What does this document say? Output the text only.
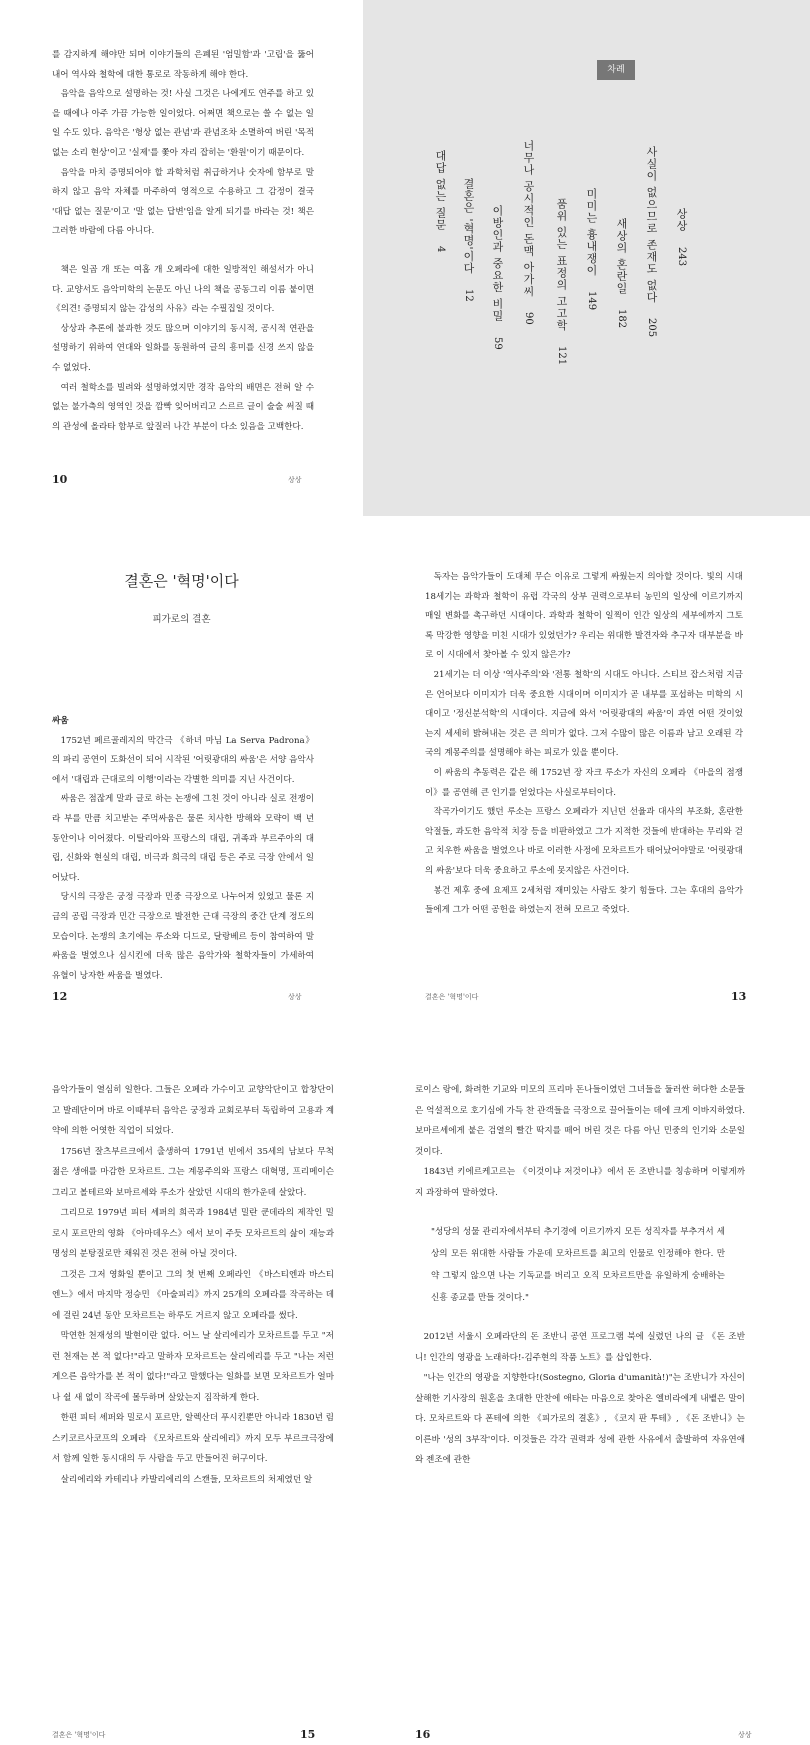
를 감지하게 해야만 되며 이야기들의 은폐된 '엄밀함'과 '고립'을 뚫어내어 역사와 철학에 대한 통로로 작동하게 해야 한다.
음악을 음악으로 설명하는 것! 사실 그것은 나에게도 연주를 하고 있을 때에나 아주 가끔 가능한 일이었다. 어쩌면 책으로는 쓸 수 없는 일일 수도 있다. 음악은 '형상 없는 관념'과 관념조차 소멸하여 버린 '목적 없는 소리 현상'이고 '실제'를 쫓아 자리 잡히는 '환원'이기 때문이다.
음악을 마치 증명되어야 할 과학처럼 취급하거나 숫자에 함부로 말하지 않고 음악 자체를 마주하여 영적으로 수용하고 그 감정이 결국 '대답 없는 질문'이고 '말 없는 답변'임을 알게 되기를 바라는 것! 책은 그러한 바람에 다름 아니다.
책은 일곱 개 또는 여홉 개 오페라에 대한 일방적인 해설서가 아니다. 교양서도 음악미학의 논문도 아닌 나의 책을 공동그리 이름 붙이면 《의견! 증명되지 않는 감성의 사유》라는 수필집일 것이다.
상상과 추론에 불과한 것도 많으며 이야기의 동시적, 공시적 연관을 설명하기 위하여 연대와 일화를 동원하여 글의 흥미를 신경 쓰지 않을 수 없었다.
여러 철학소를 빌려와 설명하였지만 경작 음악의 배면은 전혀 알 수 없는 불가측의 영역인 것을 깜빡 잊어버리고 스르르 글이 술술 써질 때의 관성에 올라타 함부로 앞질러 나간 부분이 다소 있음을 고백한다.
10	상상
차례
대답 없는 질문 4 결혼은 '혁명'이다 12 이방인과 중요한 비밀 59
너무나 공시적인 돈맥 아가씨 90 품위 있는 표정의 고고학 121
미미는 흉내쟁이 149
새상의 혼란일 182
사실이 없으므로 존재도 없다 205
상상 243
결혼은 '혁명'이다
피가로의 결혼
싸움
1752년 페르골레지의 막간극 《하녀 마님 La Serva Padrona》의 파리 공연이 도화선이 되어 시작된 '어릿광대의 싸움'은 서양 음악사에서 '대립과 근대로의 이행'이라는 각별한 의미를 지닌 사건이다.
싸움은 점잖게 말과 글로 하는 논쟁에 그친 것이 아니라 실로 전쟁이라 부를 만큼 치고받는 주먹싸움은 물론 치사한 방해와 모략이 백 년 동안이나 이어졌다. 이탈리아와 프랑스의 대립, 귀족과 부르주아의 대립, 신화와 현실의 대립, 비극과 희극의 대립 등은 주로 극장 안에서 일어났다.
당시의 극장은 궁정 극장과 민중 극장으로 나누어져 있었고 물론 지금의 공립 극장과 민간 극장으로 발전한 근대 극장의 중간 단계 정도의 모습이다. 논쟁의 초기에는 루소와 디드로, 달랑베르 등이 참여하여 말싸움을 벌였으나 심시킨에 더욱 많은 음악가와 철학자들이 가세하여 유혈이 낭자한 싸움을 벌였다.
12	상상
독자는 음악가들이 도대체 무슨 이유로 그렇게 싸웠는지 의아할 것이다. 빛의 시대 18세기는 과학과 철학이 유럽 각국의 상부 권력으로부터 농민의 일상에 이르기까지 매일 변화를 촉구하던 시대이다. 과학과 철학이 일찍이 인간 일상의 세부에까지 그토록 막강한 영향을 미친 시대가 있었던가? 우리는 위대한 발견자와 추구자 대부분을 바로 이 시대에서 찾아볼 수 있지 않은가?
21세기는 더 이상 '역사주의'와 '전통 철학'의 시대도 아니다. 스티브 잡스처럼 지금은 언어보다 이미지가 더욱 중요한 시대이며 이미지가 곧 내부를 포섭하는 미학의 시대이고 '정신분석학'의 시대이다. 지금에 와서 '어릿광대의 싸움'이 과연 어떤 것이었는지 세세히 밝혀내는 것은 큰 의미가 없다. 그저 수많이 많은 이름과 남고 오래된 각국의 계몽주의를 설명해야 하는 피로가 있을 뿐이다.
이 싸움의 추동력은 같은 해 1752년 장 자크 루소가 자신의 오페라 《마을의 점쟁이》를 공연해 큰 인기를 얻었다는 사실로부터이다.
작곡가이기도 했던 루소는 프랑스 오페라가 지닌던 선율과 대사의 부조화, 혼란한 악절들, 과도한 음악적 치장 등을 비판하였고 그가 지적한 것들에 반대하는 무리와 걷고 치우한 싸움을 벌였으나 바로 이러한 사정에 모차르트가 태어났어야말로 '어릿광대의 싸움'보다 더욱 중요하고 루소에 못지않은 사건이다.
봉건 제후 중에 요제프 2세처럼 재미있는 사람도 찾기 힘들다. 그는 후대의 음악가들에게 그가 어떤 공헌을 하였는지 전혀 모르고 죽었다.
결혼은 '혁명'이다	13
음악가들이 열심히 일한다. 그들은 오페라 가수이고 교향악단이고 합창단이고 발레단이며 바로 이때부터 음악은 궁정과 교회로부터 독립하여 고용과 계약에 의한 어엿한 직업이 되었다.
1756년 잘츠부르크에서 출생하여 1791년 빈에서 35세의 남보다 무척 젊은 생애를 마감한 모차르트. 그는 계몽주의와 프랑스 대혁명, 프리메이슨 그리고 볼테르와 보마르셰와 루소가 살았던 시대의 한가운데 살았다.
그리므로 1979년 피터 셰퍼의 희곡과 1984년 밀란 쿤데라의 제작인 밀로시 포르만의 영화 《아마데우스》에서 보이 주듯 모차르트의 삶이 재능과 명성의 분탕질로만 채워진 것은 전혀 아닐 것이다.
그것은 그저 영화일 뿐이고 그의 첫 번째 오페라인 《바스티엔과 바스티엔느》에서 마지막 정승민 《마술피리》까지 25개의 오페라를 작곡하는 데에 걸린 24년 동안 모차르트는 하루도 거르지 않고 오페라를 썼다.
막연한 천재성의 발현이란 없다. 어느 날 살리에리가 모차르트를 두고 "저런 천재는 본 적 없다!"라고 말하자 모차르트는 살리에리를 두고 "나는 저런 게으른 음악가를 본 적이 없다!"라고 말했다는 일화를 보면 모차르트가 얼마나 쉴 새 없이 작곡에 몰두하며 살았는지 짐작하게 한다.
한편 피터 셰퍼와 밀로시 포르만, 알렉산더 푸시킨뿐만 아니라 1830년 림스키코르사코프의 오페라 《모차르트와 살리에리》까지 모두 부르크극장에서 함께 일한 동시대의 두 사람을 두고 만들어진 허구이다.
살리에리와 카테리나 카발리에리의 스캔들, 모차르트의 처제였던 알
결혼은 '혁명'이다	15
로이스 랑에, 화려한 기교와 미모의 프리마 돈나들이였던 그녀들을 둘러싼 허다한 소문들은 억설적으로 호기심에 가득 찬 관객들을 극장으로 끌어들이는 데에 크게 이바지하였다. 보마르셰에게 붙은 검열의 빨간 딱지를 떼어 버린 것은 다름 아닌 민중의 인기와 소문일 것이다.
1843년 키에르케고르는 《이것이냐 저것이냐》에서 돈 조반니를 칭송하며 이렇게까지 과장하여 말하였다.
"성당의 성물 관리자에서부터 추기경에 이르기까지 모든 성직자를 부추겨서 세상의 모든 위대한 사람들 가운데 모차르트를 최고의 인물로 인정해야 한다. 만약 그렇지 않으면 나는 기독교를 버리고 오직 모차르트만을 유일하게 숭배하는 신흥 종교를 만들 것이다."
2012년 서울시 오페라단의 돈 조반니 공연 프로그램 북에 실렸던 나의 글 《돈 조반니! 인간의 영광을 노래하다!-김주현의 작품 노트》를 삽입한다.
"나는 인간의 영광을 지향한다!(Sostegno, Gloria d'umanità!)"는 조반니가 자신이 살해한 기사장의 원혼을 초대한 만찬에 애타는 마음으로 찾아온 엘비라에게 내뱉은 말이다. 모차르트와 다 폰테에 의한 《피가로의 결혼》, 《코지 판 투테》, 《돈 조반니》는 이른바 '성의 3부작'이다. 이것들은 각각 권력과 성에 관한 사유에서 출발하여 자유연애와 젠조에 관한
16	상상
